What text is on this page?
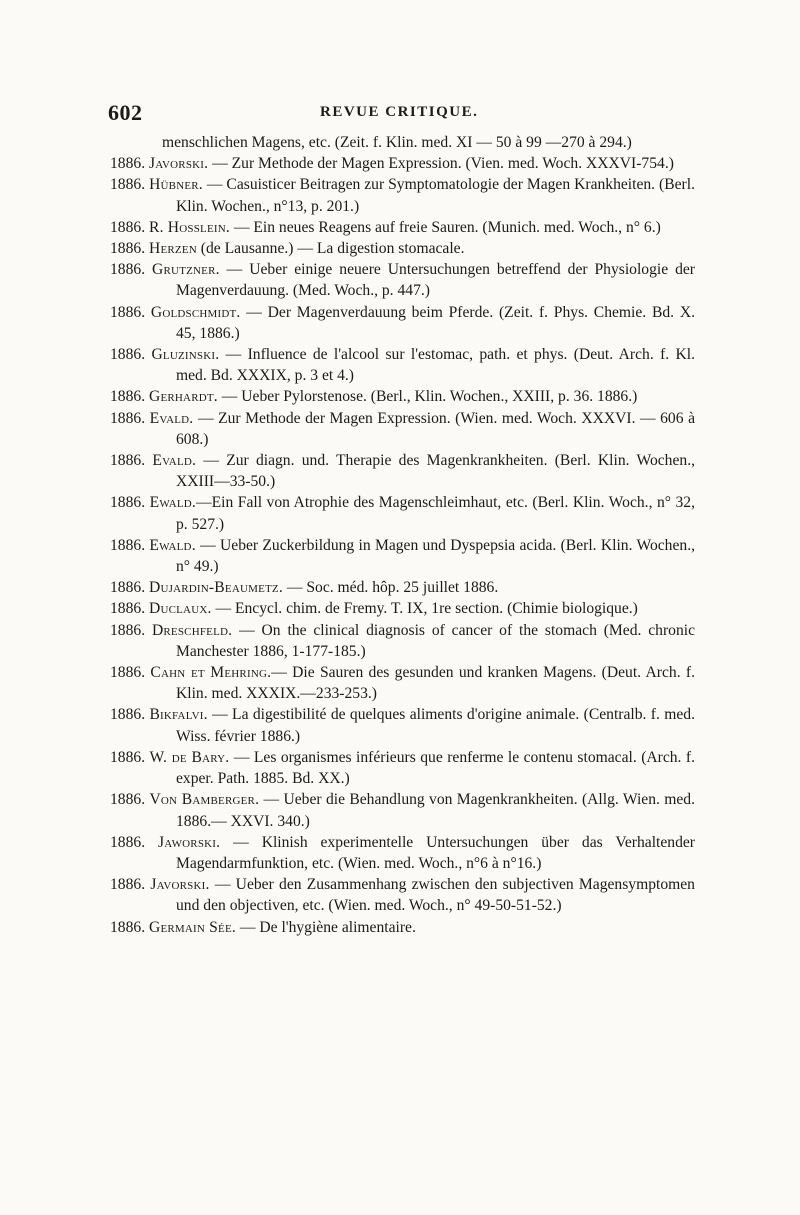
602	REVUE CRITIQUE.

menschlichen Magens, etc. (Zeit. f. Klin. med. XI — 50 à 99 —270 à 294.)

1886. Javorski. — Zur Methode der Magen Expression. (Vien. med. Woch. XXXVI-754.)
1886. Hübner. — Casuisticer Beitragen zur Symptomatologie der Magen Krankheiten. (Berl. Klin. Wochen., n°13, p. 201.)
1886. R. Hosslein. — Ein neues Reagens auf freie Sauren. (Munich. med. Woch., n° 6.)
1886. Herzen (de Lausanne.) — La digestion stomacale.
1886. Grutzner. — Ueber einige neuere Untersuchungen betreffend der Physiologie der Magenverdauung. (Med. Woch., p. 447.)
1886. Goldschmidt. — Der Magenverdauung beim Pferde. (Zeit. f. Phys. Chemie. Bd. X. 45, 1886.)
1886. Gluzinski. — Influence de l'alcool sur l'estomac, path. et phys. (Deut. Arch. f. Kl. med. Bd. XXXIX, p. 3 et 4.)
1886. Gerhardt. — Ueber Pylorstenose. (Berl., Klin. Wochen., XXIII, p. 36. 1886.)
1886. Evald. — Zur Methode der Magen Expression. (Wien. med. Woch. XXXVI. — 606 à 608.)
1886. Evald. — Zur diagn. und. Therapie des Magenkrankheiten. (Berl. Klin. Wochen., XXIII—33-50.)
1886. Ewald.—Ein Fall von Atrophie des Magenschleimhaut, etc. (Berl. Klin. Woch., n° 32, p. 527.)
1886. Ewald. — Ueber Zuckerbildung in Magen und Dyspepsia acida. (Berl. Klin. Wochen., n° 49.)
1886. Dujardin-Beaumetz. — Soc. méd. hôp. 25 juillet 1886.
1886. Duclaux. — Encycl. chim. de Fremy. T. IX, 1re section. (Chimie biologique.)
1886. Dreschfeld. — On the clinical diagnosis of cancer of the stomach (Med. chronic Manchester 1886, 1-177-185.)
1886. Cahn et Mehring.— Die Sauren des gesunden und kranken Magens. (Deut. Arch. f. Klin. med. XXXIX.—233-253.)
1886. Bikfalvi. — La digestibilité de quelques aliments d'origine animale. (Centralb. f. med. Wiss. février 1886.)
1886. W. de Bary. — Les organismes inférieurs que renferme le contenu stomacal. (Arch. f. exper. Path. 1885. Bd. XX.)
1886. Von Bamberger. — Ueber die Behandlung von Magenkrankheiten. (Allg. Wien. med. 1886.— XXVI. 340.)
1886. Jaworski. — Klinish experimentelle Untersuchungen über das Verhaltender Magendarmfunktion, etc. (Wien. med. Woch., n°6 à n°16.)
1886. Javorski. — Ueber den Zusammenhang zwischen den subjectiven Magensymptomen und den objectiven, etc. (Wien. med. Woch., n° 49-50-51-52.)
1886. Germain Sée. — De l'hygiène alimentaire.
